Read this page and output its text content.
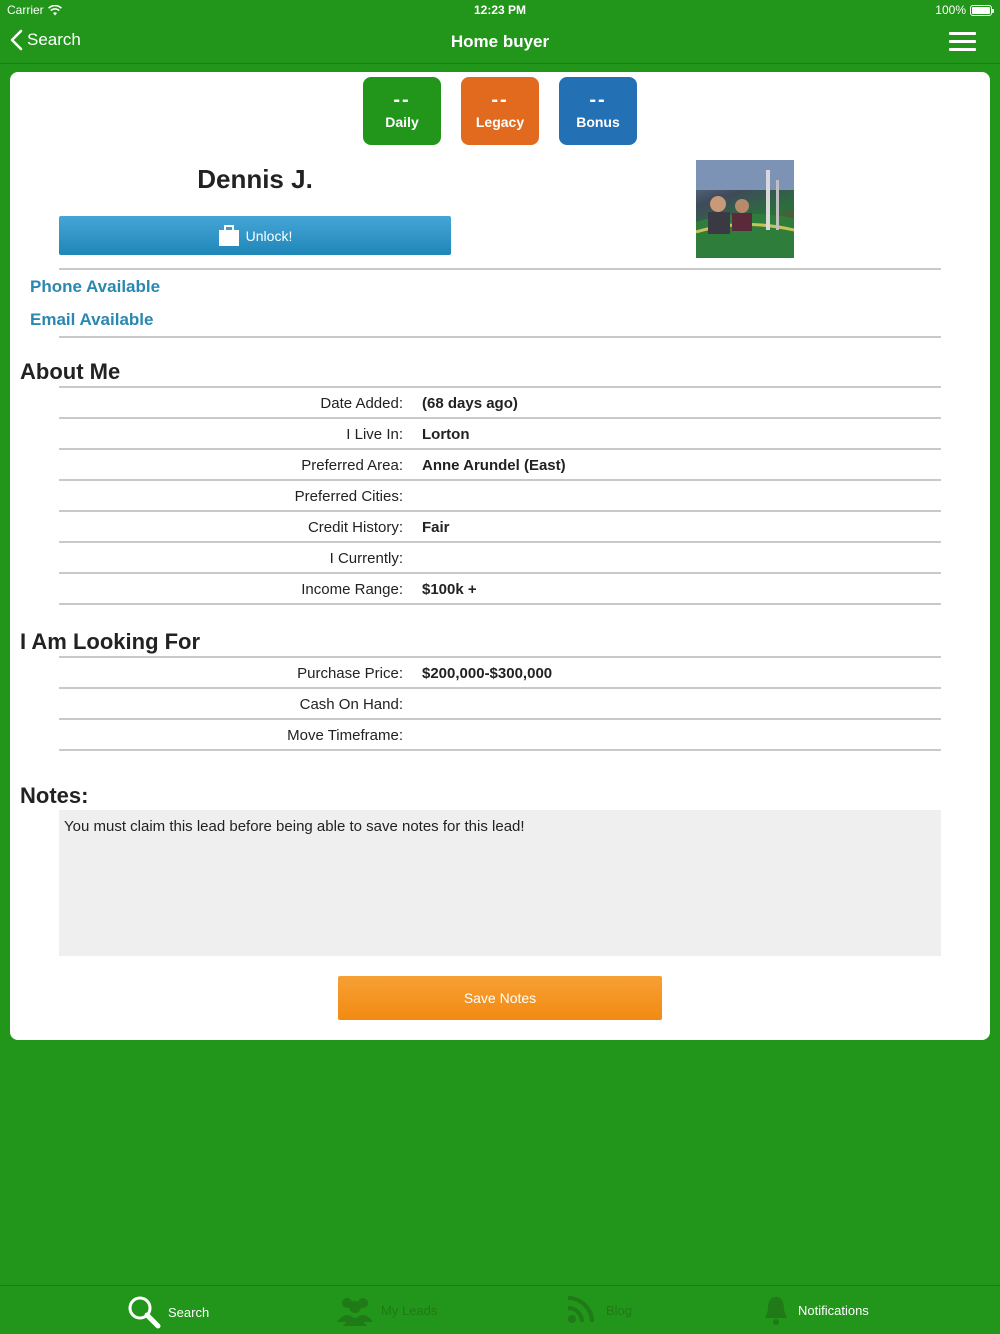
Carrier	12:23 PM	100%
Search	Home buyer
--
Daily
--
Legacy
--
Bonus
Dennis J.
Unlock!
Phone Available
Email Available
About Me
Date Added: (68 days ago)
I Live In: Lorton
Preferred Area: Anne Arundel (East)
Preferred Cities:
Credit History: Fair
I Currently:
Income Range: $100k +
I Am Looking For
Purchase Price: $200,000-$300,000
Cash On Hand:
Move Timeframe:
Notes:
You must claim this lead before being able to save notes for this lead!
Save Notes
Search	My Leads	Blog	Notifications
